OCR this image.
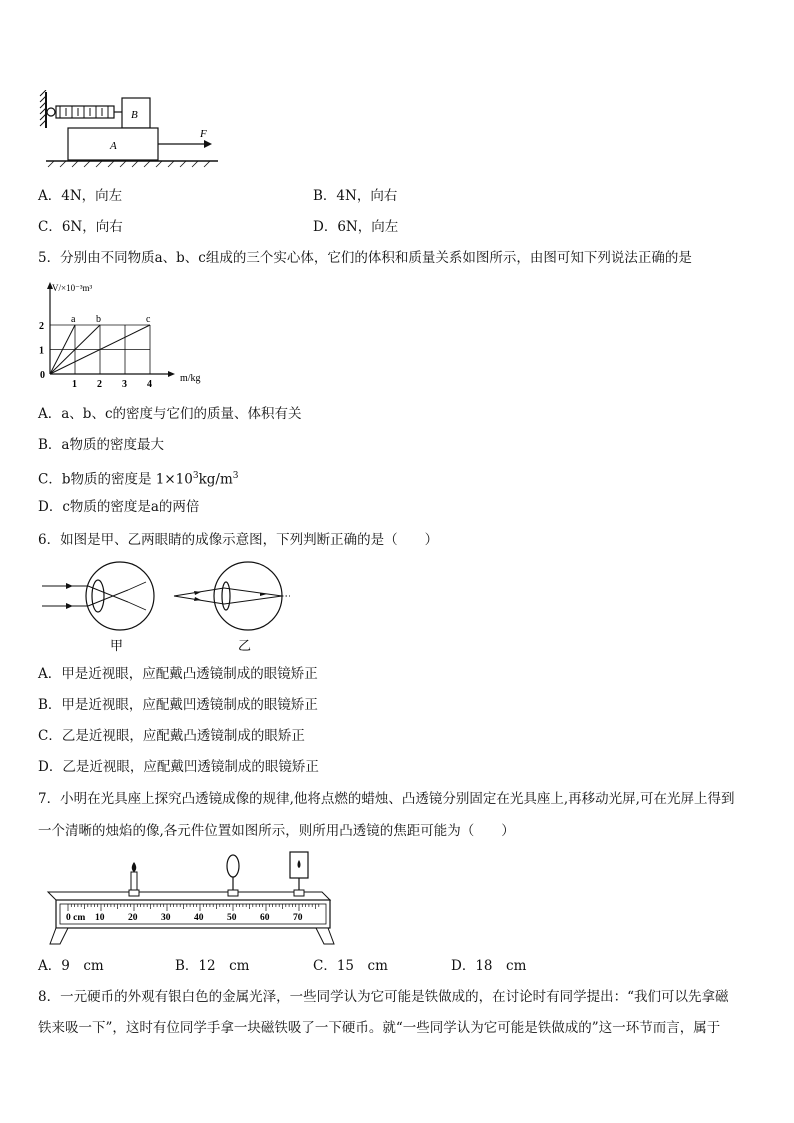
B
A
F
A．4N，向左	B．4N，向右
C．6N，向右	D．6N，向左
5．分别由不同物质a、b、c组成的三个实心体，它们的体积和质量关系如图所示，由图可知下列说法正确的是
a b	c
V/×10⁻³m³
m/kg
0
1 2 3 4
1
2
A．a、b、c的密度与它们的质量、体积有关
B．a物质的密度最大
C．b物质的密度是 $1\times 10^3kg/m^3$
D．c物质的密度是a的两倍
6．如图是甲、乙两眼睛的成像示意图，下列判断正确的是（　　）
甲	乙
A．甲是近视眼，应配戴凸透镜制成的眼镜矫正
B．甲是近视眼，应配戴凹透镜制成的眼镜矫正
C．乙是近视眼，应配戴凸透镜制成的眼矫正
D．乙是近视眼，应配戴凹透镜制成的眼镜矫正
7．小明在光具座上探究凸透镜成像的规律,他将点燃的蜡烛、凸透镜分别固定在光具座上,再移动光屏,可在光屏上得到
一个清晰的烛焰的像,各元件位置如图所示，则所用凸透镜的焦距可能为（　　）
0 cm 10 20 30 40 50 60 70
A．9　cm	B．12　cm	C．15　cm	D．18　cm
8．一元硬币的外观有银白色的金属光泽，一些同学认为它可能是铁做成的，在讨论时有同学提出：“我们可以先拿磁
铁来吸一下”，这时有位同学手拿一块磁铁吸了一下硬币。就“一些同学认为它可能是铁做成的”这一环节而言，属于
